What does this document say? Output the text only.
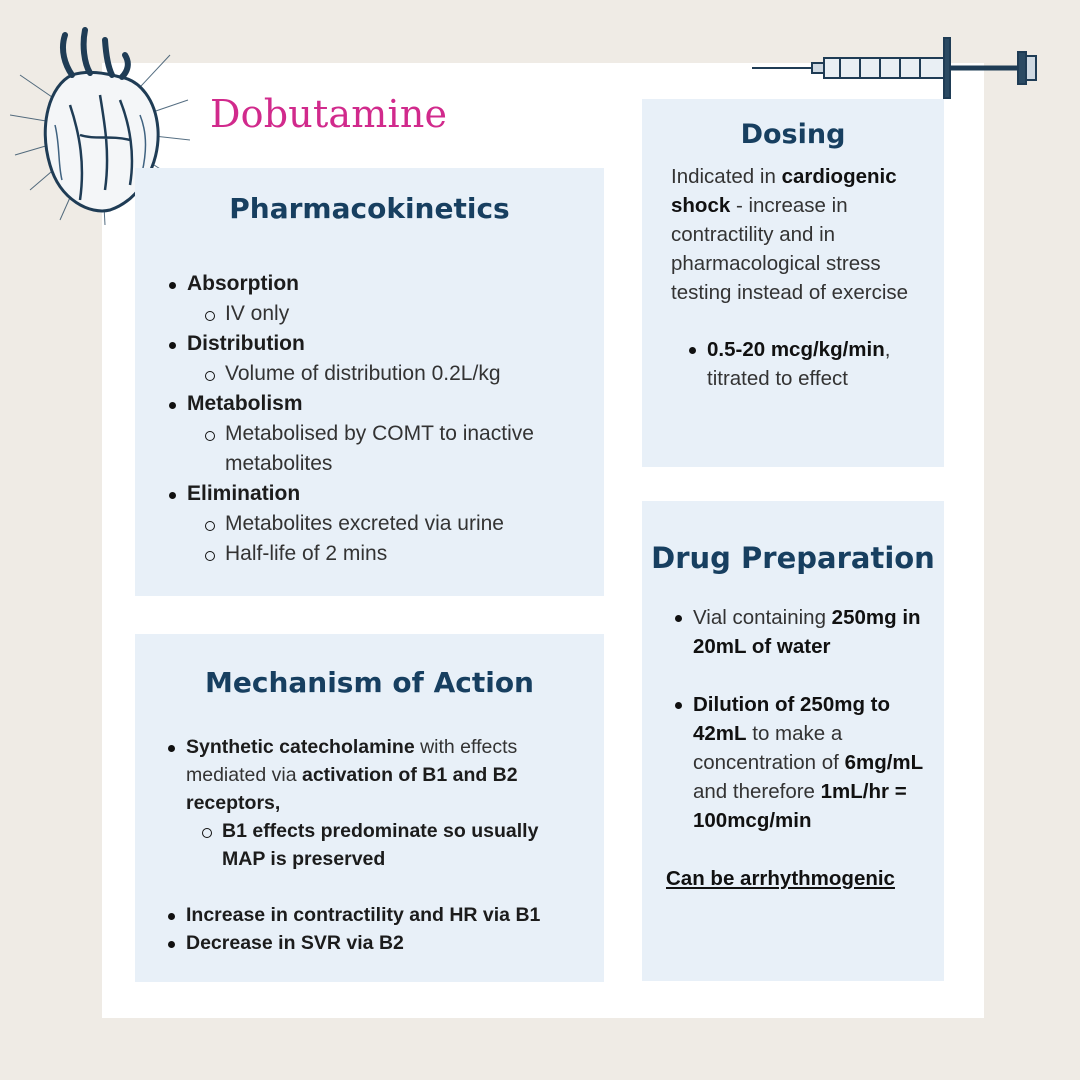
Dobutamine
Pharmacokinetics
Absorption
IV only
Distribution
Volume of distribution 0.2L/kg
Metabolism
Metabolised by COMT to inactive metabolites
Elimination
Metabolites excreted via urine
Half-life of 2 mins
Mechanism of Action
Synthetic catecholamine with effects mediated via activation of B1 and B2 receptors,
B1 effects predominate so usually MAP is preserved
Increase in contractility and HR via B1
Decrease in SVR via B2
Dosing
Indicated in cardiogenic shock - increase in contractility and in pharmacological stress testing instead of exercise
0.5-20 mcg/kg/min, titrated to effect
Drug Preparation
Vial containing 250mg in 20mL of water
Dilution of 250mg to 42mL to make a concentration of 6mg/mL and therefore 1mL/hr = 100mcg/min
Can be arrhythmogenic
